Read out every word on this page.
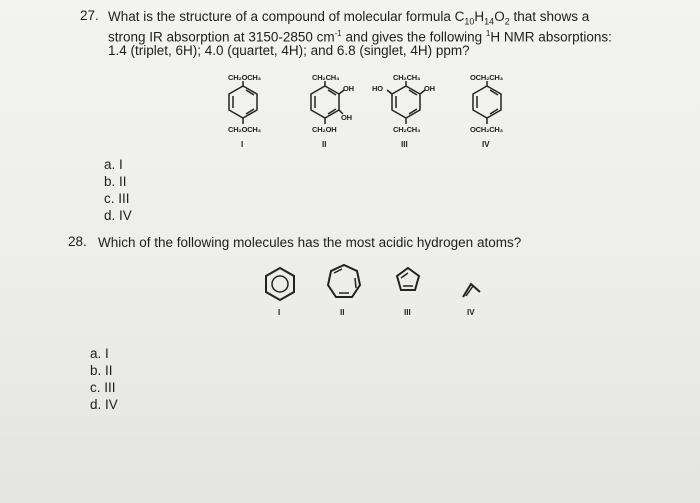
27. What is the structure of a compound of molecular formula $C_{10}H_{14}O_2$ that shows a
strong IR absorption at 3150-2850 $cm^{-1}$ and gives the following $^1$H NMR absorptions:
1.4 (triplet, 6H); 4.0 (quartet, 4H); and 6.8 (singlet, 4H) ppm?
CH₂OCH₃
CH₂OCH₃
I
CH₂CH₃
OH
OH
CH₂OH
II
CH₂CH₃
HO	OH
CH₂CH₃
III
OCH₂CH₃
OCH₂CH₃
IV
a. I
b. II
c. III
d. IV
28. Which of the following molecules has the most acidic hydrogen atoms?
I	II	III	IV
a. I
b. II
c. III
d. IV
